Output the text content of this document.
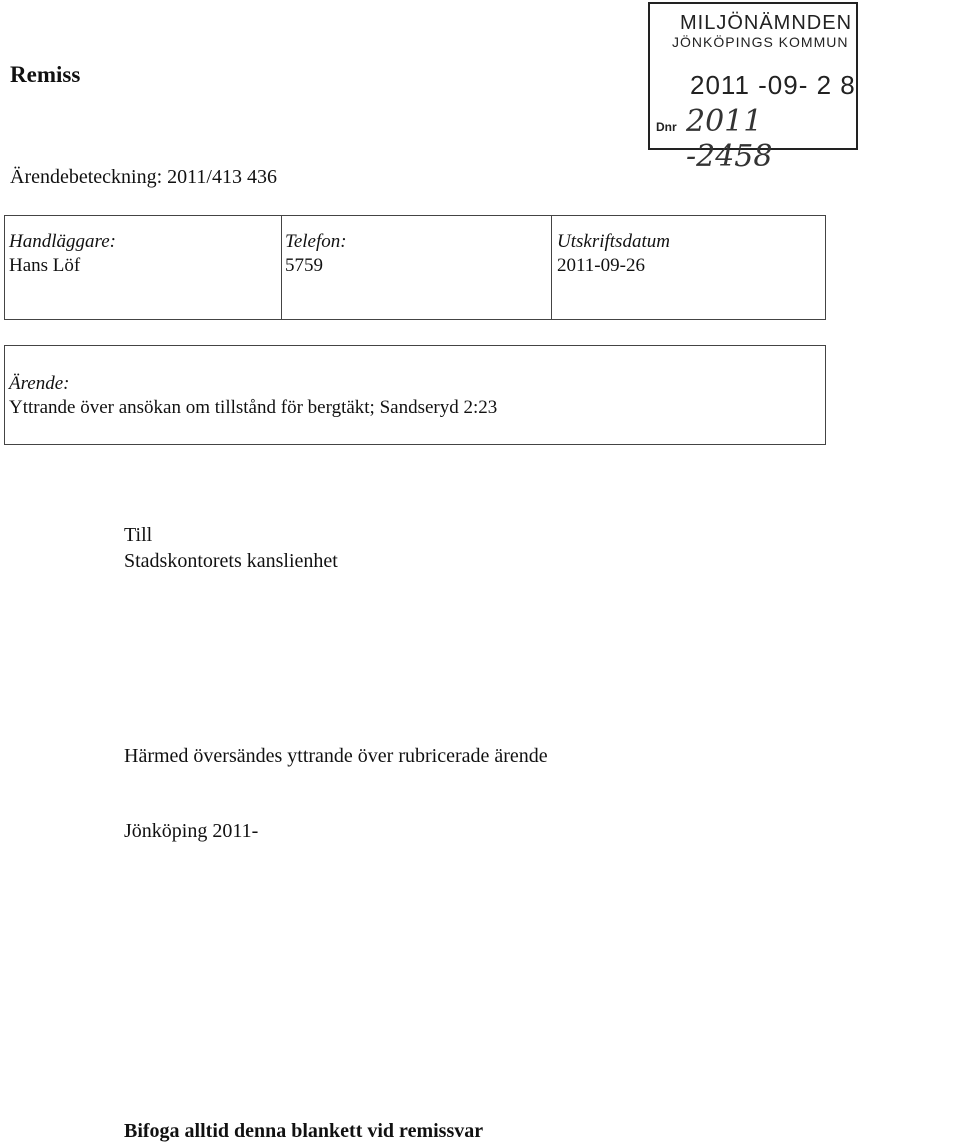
Remiss
MILJÖNÄMNDEN
JÖNKÖPINGS KOMMUN
2011 -09- 2 8
Dnr 2011 -2458
Ärendebeteckning: 2011/413 436
Handläggare:
Hans Löf
Telefon:
5759
Utskriftsdatum
2011-09-26
Ärende:
Yttrande över ansökan om tillstånd för bergtäkt; Sandseryd 2:23
Till
Stadskontorets kanslienhet
Härmed översändes yttrande över rubricerade ärende
Jönköping 2011-
Bifoga alltid denna blankett vid remissvar
